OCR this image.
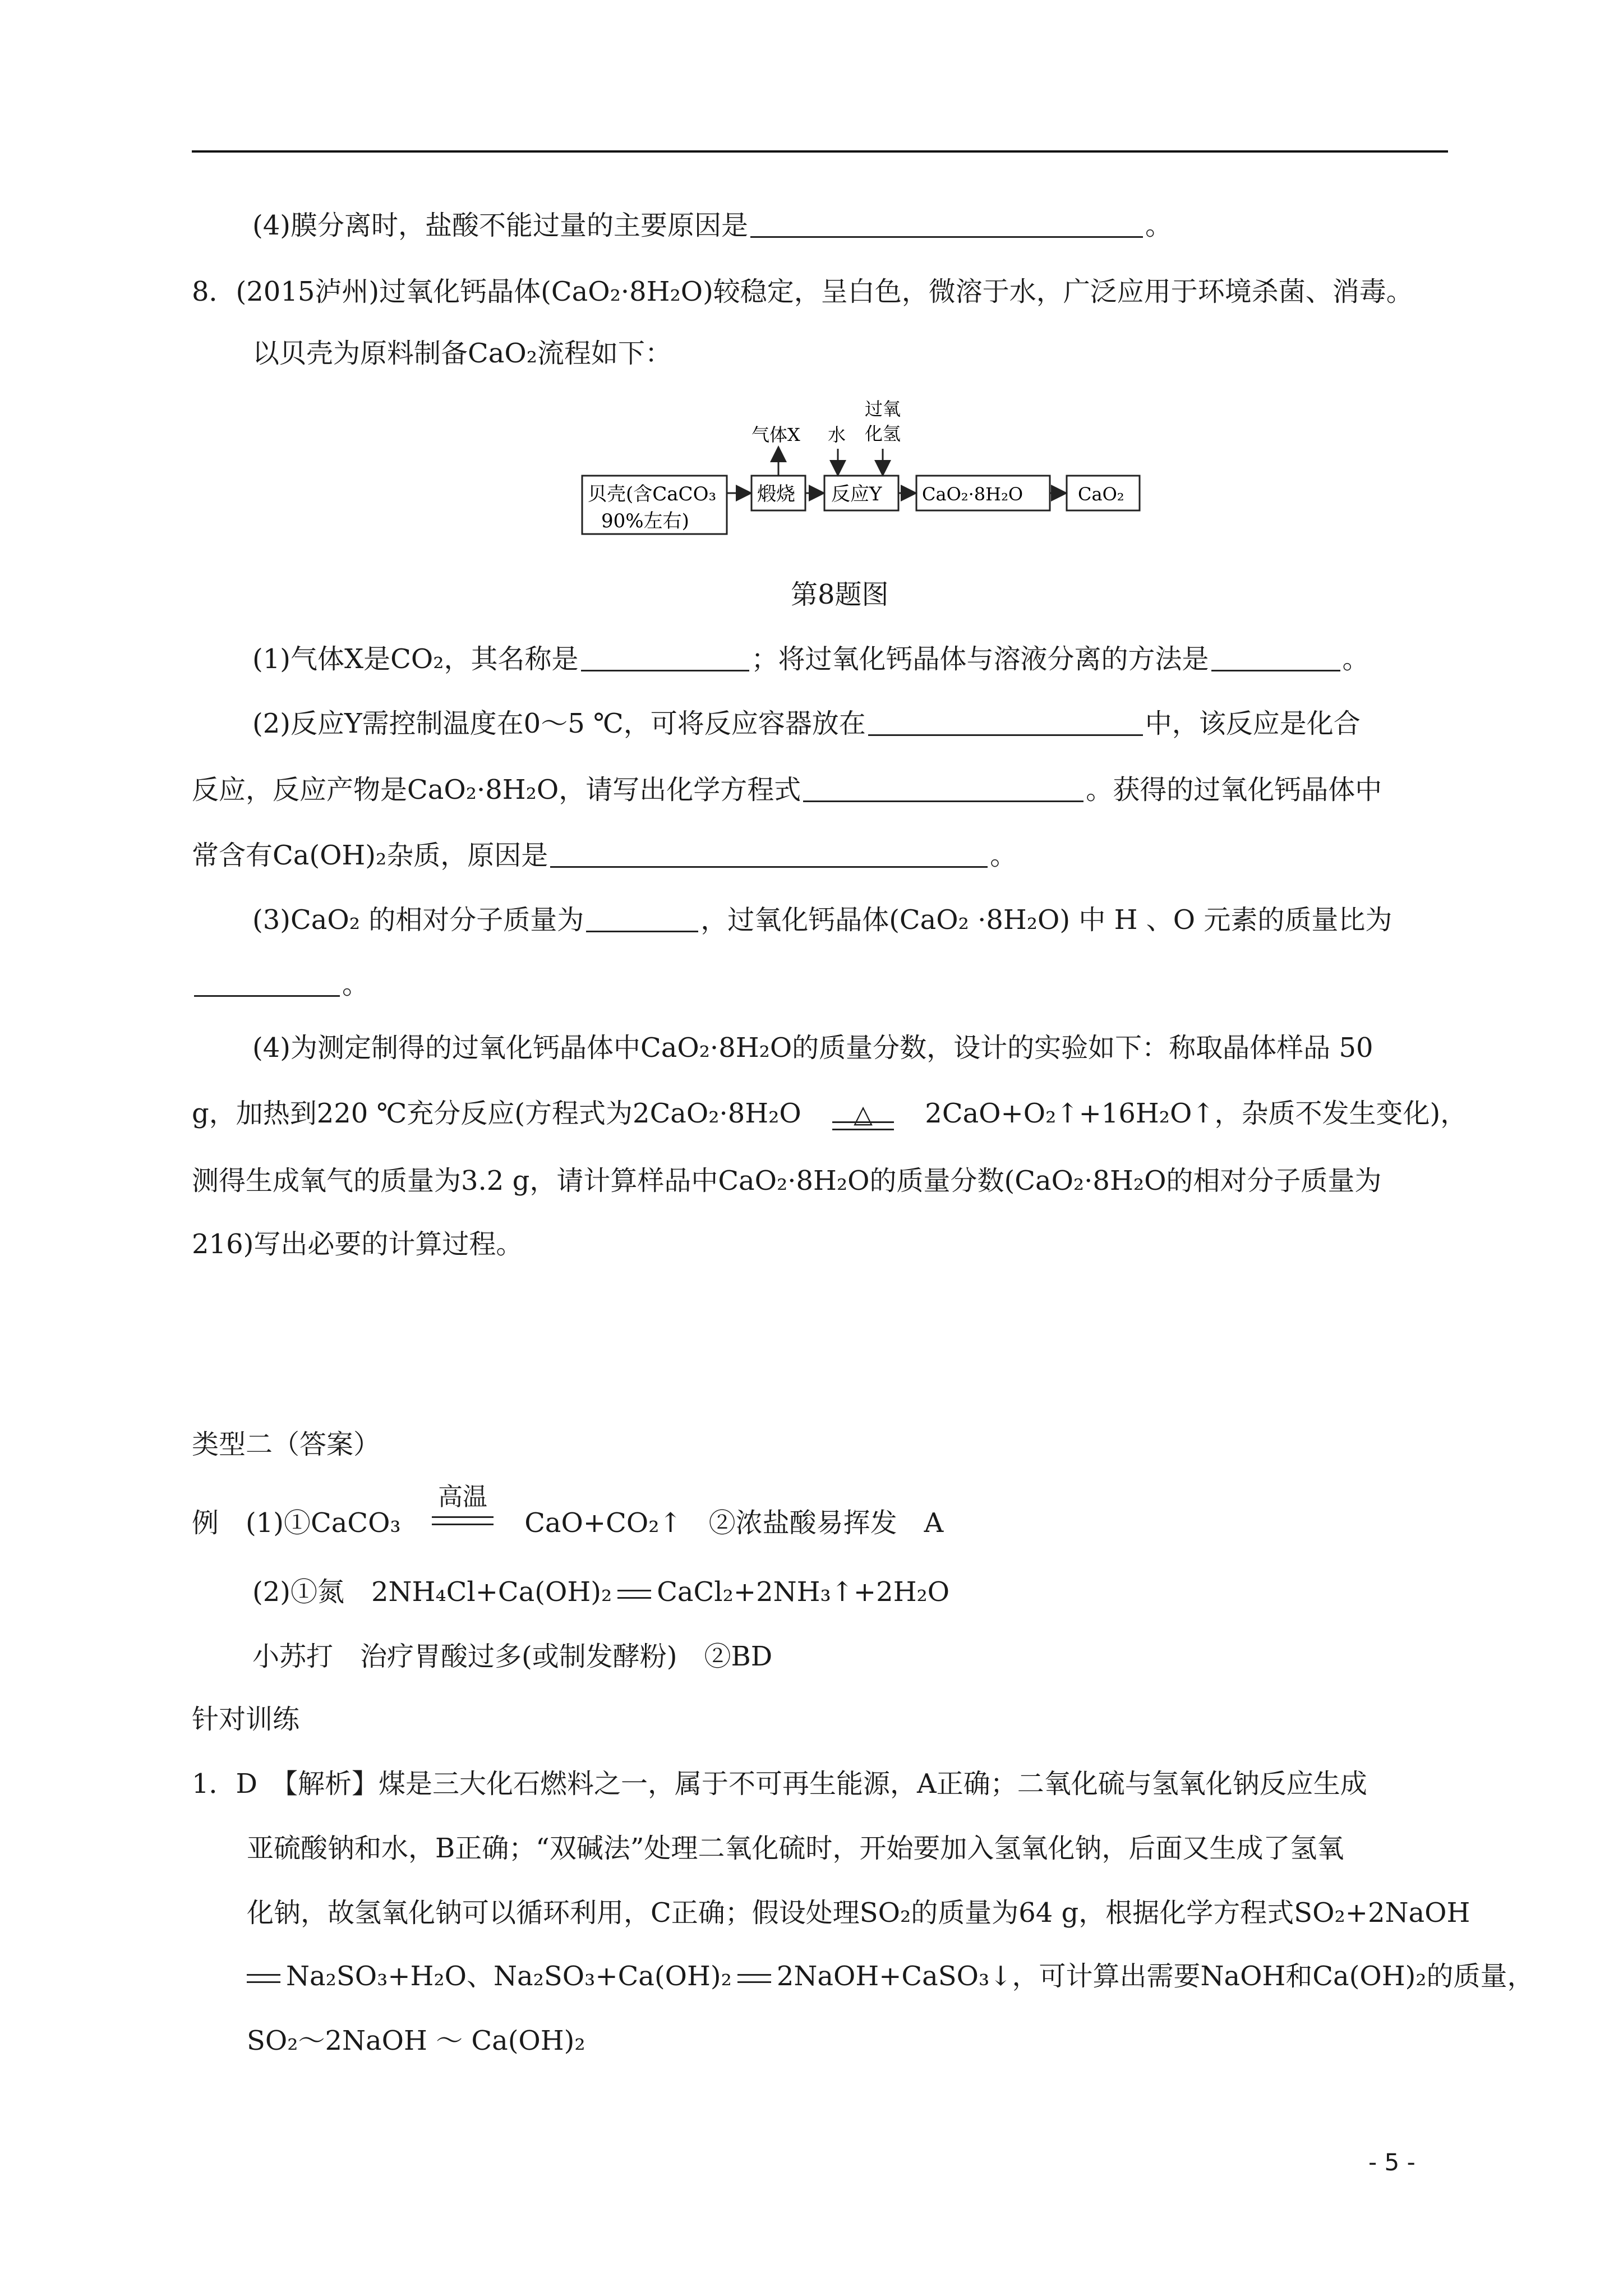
(4)膜分离时，盐酸不能过量的主要原因是	。
8．(2015泸州)过氧化钙晶体(CaO₂·8H₂O)较稳定，呈白色，微溶于水，广泛应用于环境杀菌、消毒。
以贝壳为原料制备CaO₂流程如下：
贝壳(含CaCO₃
90%左右)
煅烧 反应Y CaO₂·8H₂O	CaO₂
气体X 水
过氧
化氢
第8题图
(1)气体X是CO₂，其名称是	；将过氧化钙晶体与溶液分离的方法是	。
(2)反应Y需控制温度在0～5 ℃，可将反应容器放在	中，该反应是化合
反应，反应产物是CaO₂·8H₂O，请写出化学方程式	。获得的过氧化钙晶体中
常含有Ca(OH)₂杂质，原因是	。
(3)CaO₂ 的相对分子质量为	，过氧化钙晶体(CaO₂ ·8H₂O) 中 H 、O 元素的质量比为
。
(4)为测定制得的过氧化钙晶体中CaO₂·8H₂O的质量分数，设计的实验如下：称取晶体样品 50
g，加热到220 ℃充分反应(方程式为2CaO₂·8H₂O	△	2CaO+O₂↑+16H₂O↑，杂质不发生变化)，
测得生成氧气的质量为3.2 g，请计算样品中CaO₂·8H₂O的质量分数(CaO₂·8H₂O的相对分子质量为
216)写出必要的计算过程。
类型二（答案）
例　(1)①CaCO₃
高温
CaO+CO₂↑　②浓盐酸易挥发　A
(2)①氮　2NH₄Cl+Ca(OH)₂ CaCl₂+2NH₃↑+2H₂O
小苏打　治疗胃酸过多(或制发酵粉)　②BD
针对训练
1．D　【解析】煤是三大化石燃料之一，属于不可再生能源，A正确；二氧化硫与氢氧化钠反应生成
亚硫酸钠和水，B正确；“双碱法”处理二氧化硫时，开始要加入氢氧化钠，后面又生成了氢氧
化钠，故氢氧化钠可以循环利用，C正确；假设处理SO₂的质量为64 g，根据化学方程式SO₂+2NaOH
Na₂SO₃+H₂O、Na₂SO₃+Ca(OH)₂ 2NaOH+CaSO₃↓，可计算出需要NaOH和Ca(OH)₂的质量，
SO₂～2NaOH ～ Ca(OH)₂
- 5 -
